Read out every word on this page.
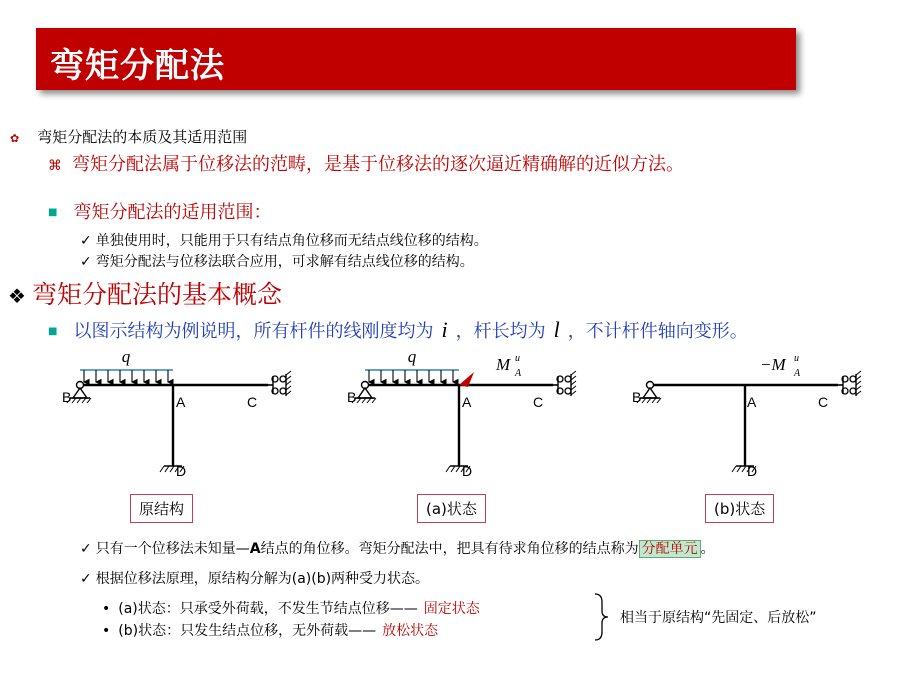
弯矩分配法
✿ 弯矩分配法的本质及其适用范围
⌘ 弯矩分配法属于位移法的范畴，是基于位移法的逐次逼近精确解的近似方法。
■ 弯矩分配法的适用范围：
✓ 单独使用时，只能用于只有结点角位移而无结点线位移的结构。
✓ 弯矩分配法与位移法联合应用，可求解有结点线位移的结构。
❖ 弯矩分配法的基本概念
■ 以图示结构为例说明，所有杆件的线刚度均为 i ，杆长均为 l ，不计杆件轴向变形。
q
B	A	C
D
q	M u
A
B	A	C
D
−M u
A
B	A	C
D
原结构	(a)状态	(b)状态
✓ 只有一个位移法未知量—A结点的角位移。弯矩分配法中，把具有待求角位移的结点称为 分配单元 。
✓ 根据位移法原理，原结构分解为(a)(b)两种受力状态。
• (a)状态：只承受外荷载，不发生节结点位移—— 固定状态
• (b)状态：只发生结点位移，无外荷载—— 放松状态
相当于原结构“先固定、后放松”
